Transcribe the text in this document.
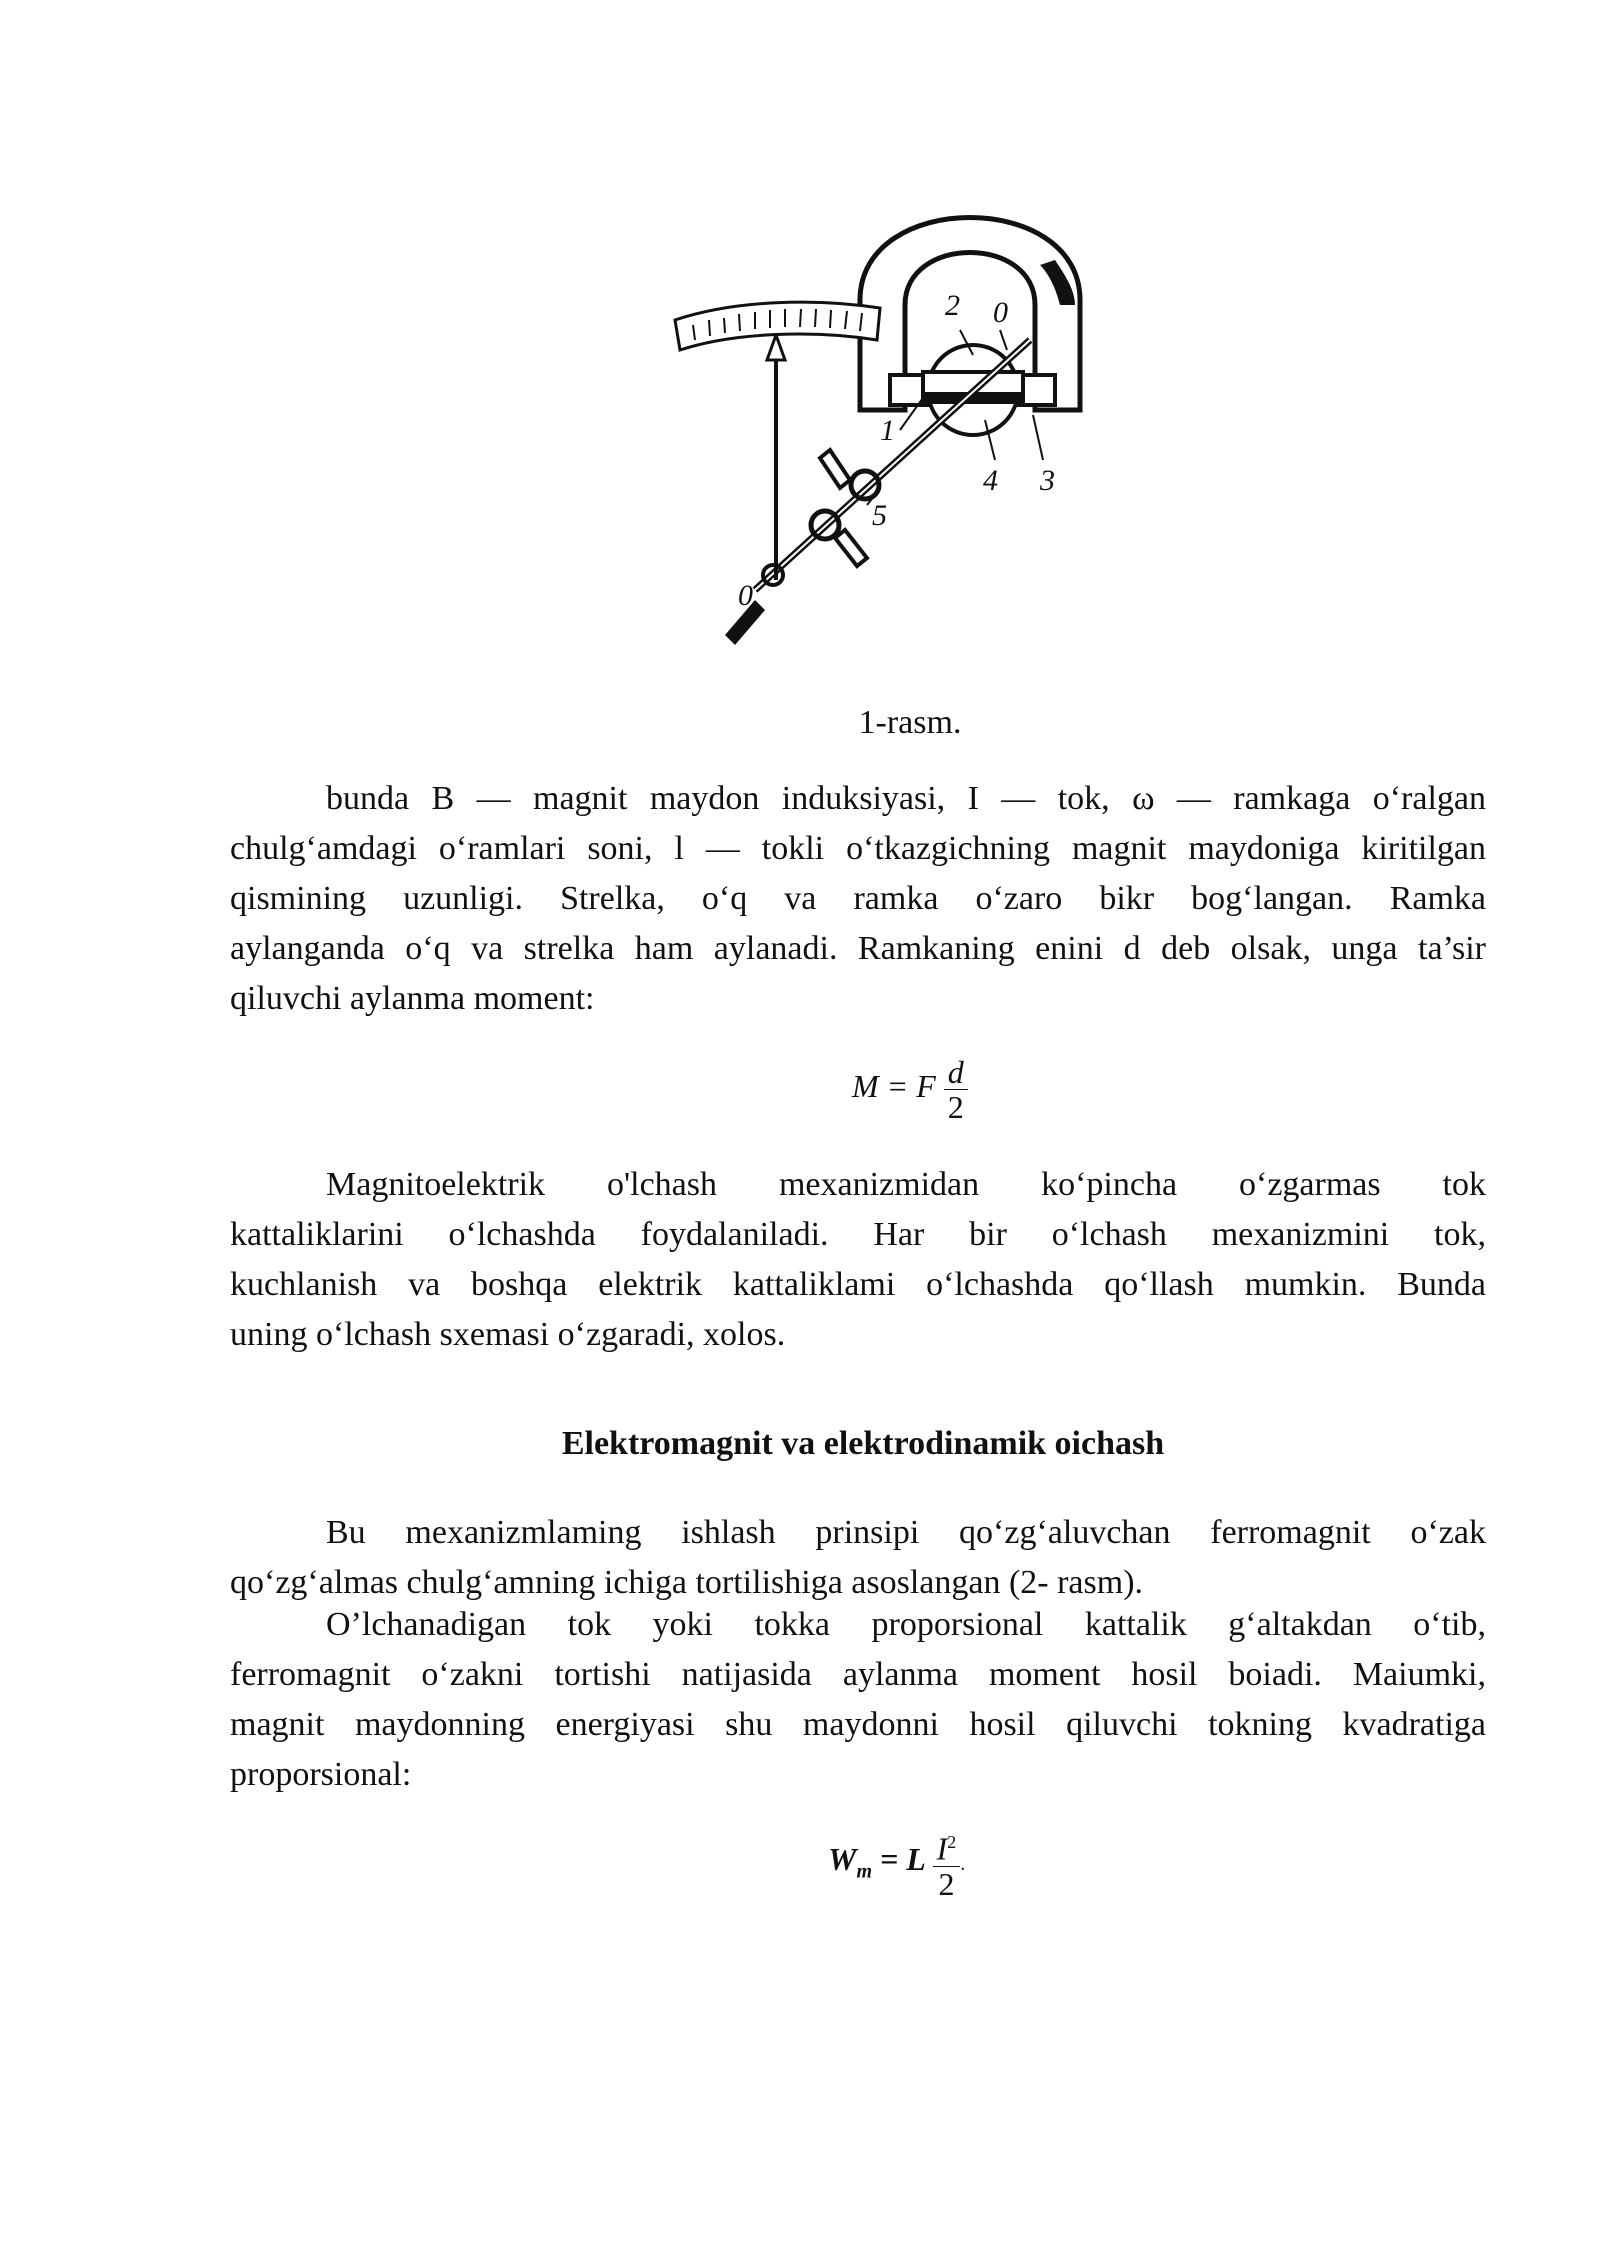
2 0
1
4 3
5
0
1-rasm.
bunda B — magnit maydon induksiyasi, I — tok, ω — ramkaga o‘ralgan
chulg‘amdagi o‘ramlari soni, l — tokli o‘tkazgichning magnit maydoniga kiritilgan
qismining uzunligi. Strelka, o‘q va ramka o‘zaro bikr bog‘langan. Ramka
aylanganda o‘q va strelka ham aylanadi. Ramkaning enini d deb olsak, unga ta’sir
qiluvchi aylanma moment:
M = F $\frac{d}{2}$
Magnitoelektrik o'lchash mexanizmidan ko‘pincha o‘zgarmas tok
kattaliklarini o‘lchashda foydalaniladi. Har bir o‘lchash mexanizmini tok,
kuchlanish va boshqa elektrik kattaliklami o‘lchashda qo‘llash mumkin. Bunda
uning o‘lchash sxemasi o‘zgaradi, xolos.
Elektromagnit va elektrodinamik oichash
Bu mexanizmlaming ishlash prinsipi qo‘zg‘aluvchan ferromagnit o‘zak
qo‘zg‘almas chulg‘amning ichiga tortilishiga asoslangan (2- rasm).
O’lchanadigan tok yoki tokka proporsional kattalik g‘altakdan o‘tib,
ferromagnit o‘zakni tortishi natijasida aylanma moment hosil boiadi. Maiumki,
magnit maydonning energiyasi shu maydonni hosil qiluvchi tokning kvadratiga
proporsional:
$W_m = L \frac{I^2}{2}$ .
